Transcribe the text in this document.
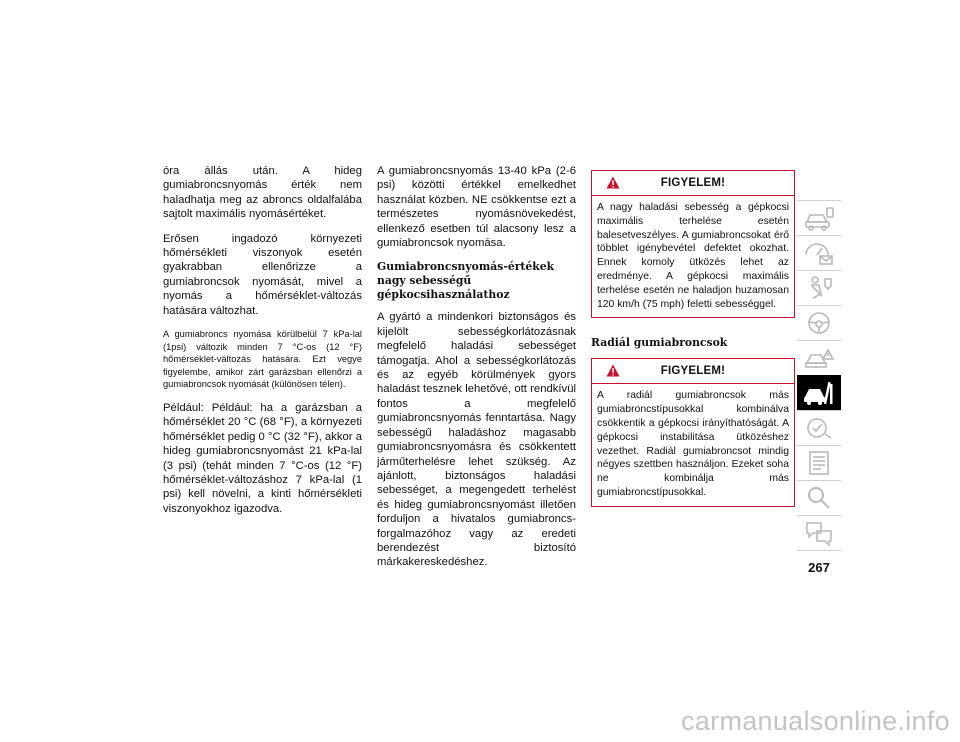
óra állás után. A hideg gumiabroncsnyomás érték nem haladhatja meg az abroncs oldalfalába sajtolt maximális nyomásértéket.

Erősen ingadozó környezeti hőmérsékleti viszonyok esetén gyakrabban ellenőrizze a gumiabroncsok nyomását, mivel a nyomás a hőmérséklet-változás hatására változhat.

A gumiabroncs nyomása körülbelül 7 kPa-lal (1psi) változik minden 7 °C-os (12 °F) hőmérséklet-változás hatására. Ezt vegye figyelembe, amikor zárt garázsban ellenőrzi a gumiabroncsok nyomását (különösen télen).

Például: Például: ha a garázsban a hőmérséklet 20 °C (68 °F), a környezeti hőmérséklet pedig 0 °C (32 °F), akkor a hideg gumiabroncsnyomást 21 kPa-lal (3 psi) (tehát minden 7 °C-os (12 °F) hőmérséklet-változáshoz 7 kPa-lal (1 psi) kell növelni, a kinti hőmérsékleti viszonyokhoz igazodva.

A gumiabroncsnyomás 13-40 kPa (2-6 psi) közötti értékkel emelkedhet használat közben. NE csökkentse ezt a természetes nyomásnövekedést, ellenkező esetben túl alacsony lesz a gumiabroncsok nyomása.

Gumiabroncsnyomás-értékek nagy sebességű gépkocsihasználathoz

A gyártó a mindenkori biztonságos és kijelölt sebességkorlátozásnak megfelelő haladási sebességet támogatja. Ahol a sebességkorlátozás és az egyéb körülmények gyors haladást tesznek lehetővé, ott rendkívül fontos a megfelelő gumiabroncsnyomás fenntartása. Nagy sebességű haladáshoz magasabb gumiabroncsnyomásra és csökkentett járműterhelésre lehet szükség. Az ajánlott, biztonságos haladási sebességet, a megengedett terhelést és hideg gumiabroncsnyomást illetően forduljon a hivatalos gumiabroncs-forgalmazóhoz vagy az eredeti berendezést biztosító márkakereskedéshez.

FIGYELEM!
A nagy haladási sebesség a gépkocsi maximális terhelése esetén balesetveszélyes. A gumiabroncsokat érő többlet igénybevétel defektet okozhat. Ennek komoly ütközés lehet az eredménye. A gépkocsi maximális terhelése esetén ne haladjon huzamosan 120 km/h (75 mph) feletti sebességgel.
Radiál gumiabroncsok
FIGYELEM!
A radiál gumiabroncsok más gumiabroncstípusokkal kombinálva csökkentik a gépkocsi irányíthatóságát. A gépkocsi instabilitása ütközéshez vezethet. Radiál gumiabroncsot mindig négyes szettben használjon. Ezeket soha ne kombinálja más gumiabroncstípusokkal.
267
carmanualsonline.info
